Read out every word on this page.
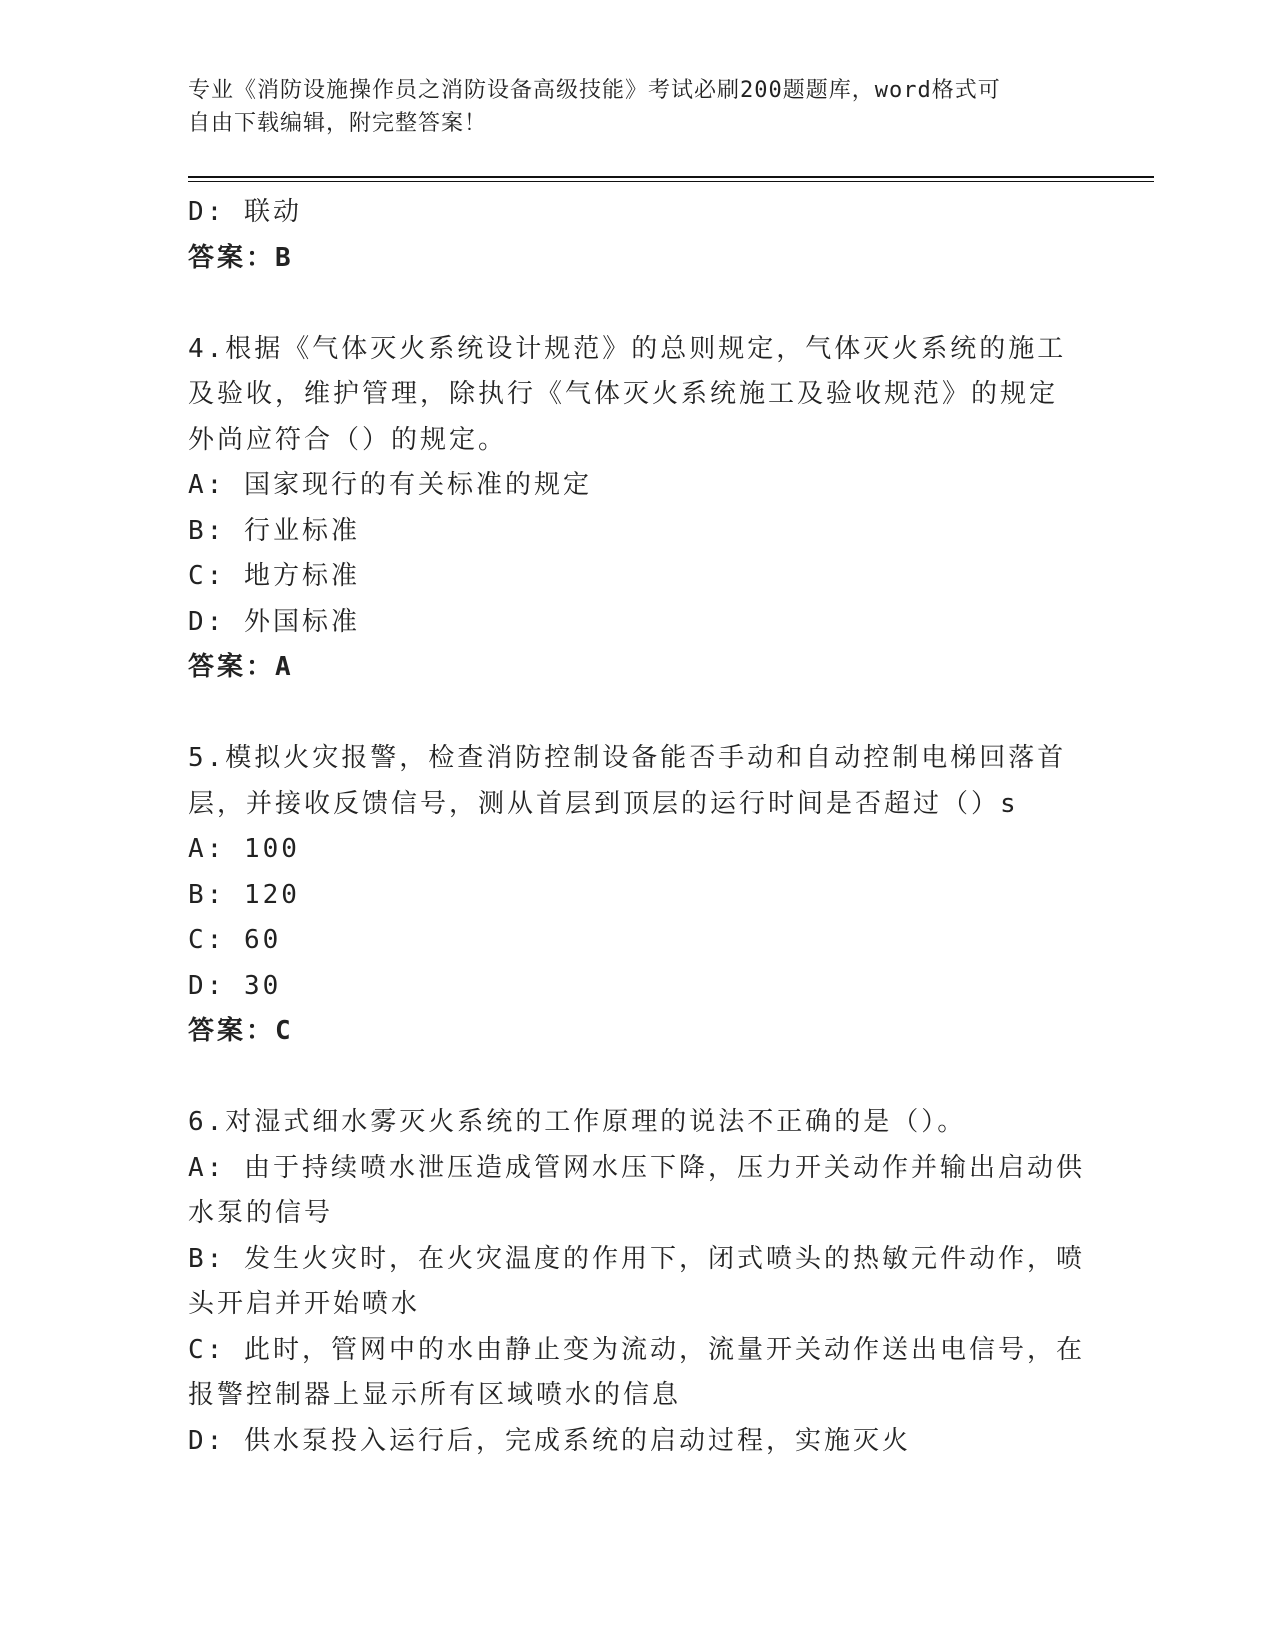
专业《消防设施操作员之消防设备高级技能》考试必刷200题题库，word格式可
自由下载编辑，附完整答案！
D: 联动
答案：B
4.根据《气体灭火系统设计规范》的总则规定，气体灭火系统的施工
及验收，维护管理，除执行《气体灭火系统施工及验收规范》的规定
外尚应符合（）的规定。
A: 国家现行的有关标准的规定
B: 行业标准
C: 地方标准
D: 外国标准
答案：A
5.模拟火灾报警，检查消防控制设备能否手动和自动控制电梯回落首
层，并接收反馈信号，测从首层到顶层的运行时间是否超过（）s
A: 100
B: 120
C: 60
D: 30
答案：C
6.对湿式细水雾灭火系统的工作原理的说法不正确的是（）。
A: 由于持续喷水泄压造成管网水压下降，压力开关动作并输出启动供
水泵的信号
B: 发生火灾时，在火灾温度的作用下，闭式喷头的热敏元件动作，喷
头开启并开始喷水
C: 此时，管网中的水由静止变为流动，流量开关动作送出电信号，在
报警控制器上显示所有区域喷水的信息
D: 供水泵投入运行后，完成系统的启动过程，实施灭火
